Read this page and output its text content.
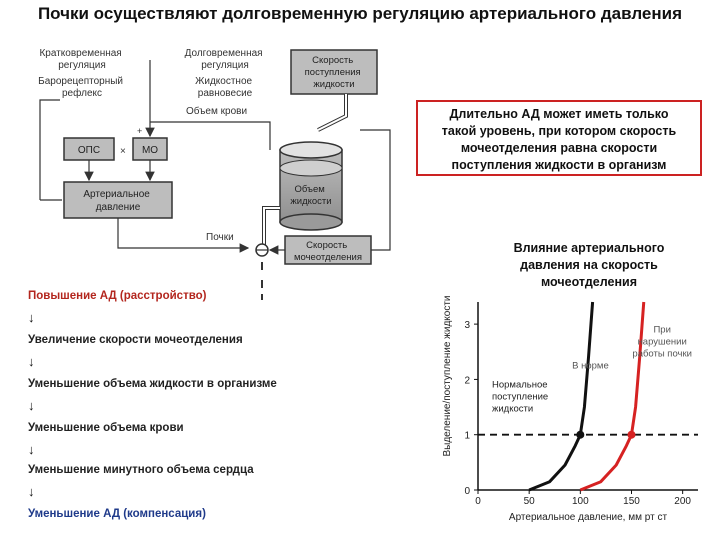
Почки осуществляют долговременную регуляцию артериального давления
Кратковременная регуляция
Барорецепторный рефлекс
Долговременная регуляция
Жидкостное равновесие
Скорость поступления жидкости
Объем крови
ОПС	МО
+
×
Артериальное давление
Объем жидкости
Почки
Скорость мочеотделения
Длительно АД может иметь только
такой уровень, при котором скорость
мочеотделения равна скорости
поступления жидкости в организм
Влияние артериального
давления на скорость
мочеотделения
Повышение АД (расстройство)
↓
Увеличение скорости мочеотделения
↓
Уменьшение объема жидкости в организме
↓
Уменьшение объема крови
↓
Уменьшение минутного объема сердца
↓
Уменьшение АД (компенсация)
0	50	100	150	200
0
1
2
3
Артериальное давление, мм рт ст
Выделение/поступление жидкости	Нормальное
поступление
жидкости
В норме
При
нарушении
работы почки
